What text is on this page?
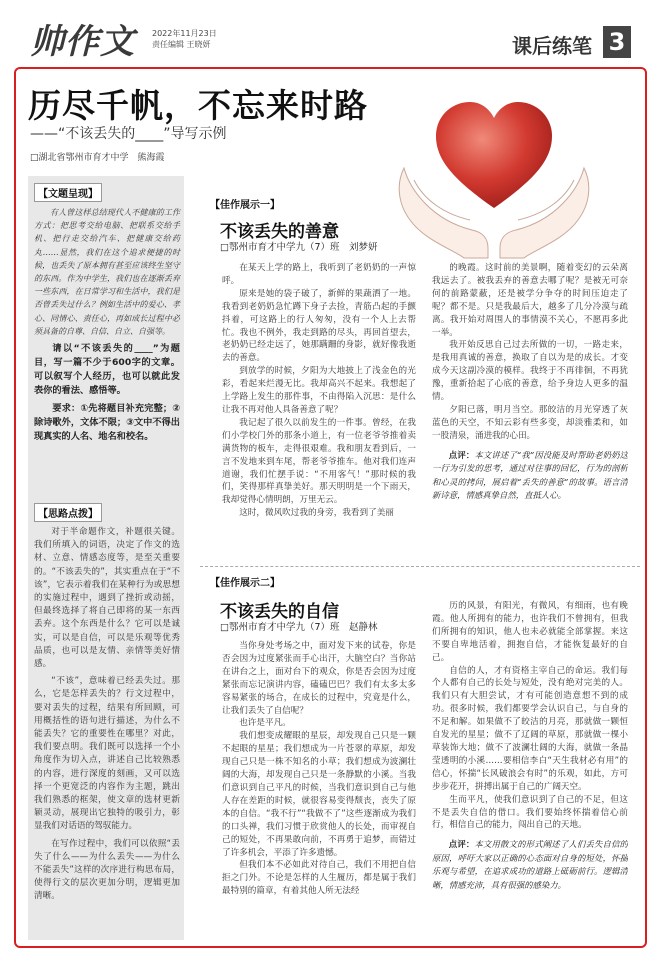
帅作文 2022年11月23日
责任编辑 王晓妍	课后练笔 3
历尽千帆，不忘来时路
——“不该丢失的____”导写示例
□湖北省鄂州市育才中学　熊海霞
【文题呈现】

有人曾这样总结现代人不健康的工作方式：把思考交给电脑、把联系交给手机、把行走交给汽车、把健康交给药丸……显然，我们在这个追求便捷的时候，也丢失了原本拥有甚至应该终生坚守的东西。作为中学生，我们也在逐渐丢弃一些东西，在日常学习和生活中，我们是否曾丢失过什么？例如生活中的爱心、孝心、同情心、责任心，再如成长过程中必须具备的自尊、自信、自立、自强等。

请以“不该丢失的____”为题目，写一篇不少于600字的文章。可以叙写个人经历，也可以就此发表你的看法、感悟等。

要求：①先将题目补充完整；②除诗歌外，文体不限；③文中不得出现真实的人名、地名和校名。

【思路点拨】

对于半命题作文，补题很关键。我们所填入的词语，决定了作文的选材、立意、情感态度等，是至关重要的。“不该丢失的”，其实重点在于“不该”，它表示着我们在某种行为或思想的实施过程中，遇到了挫折或动摇，但最终选择了将自己即将的某一东西丢弃。这个东西是什么？它可以是诚实，可以是自信，可以是乐观等优秀品质，也可以是友情、亲情等美好情感。

“不该”，意味着已经丢失过。那么，它是怎样丢失的？行文过程中，要对丢失的过程，结果有所回顾，可用概括性的语句进行描述，为什么不能丢失？它的重要性在哪里？对此，我们要点明。我们既可以选择一个小角度作为切入点，讲述自己比较熟悉的内容，进行深度的刻画，又可以选择一个更宽泛的内容作为主题，跳出我们熟悉的框架，使文章的选材更新颖灵动，展现出它独特的吸引力，彰显我们对话语的驾驭能力。

在写作过程中，我们可以依照“丢失了什么——为什么丢失——为什么不能丢失”这样的次序进行构思布局，使得行文的层次更加分明，逻辑更加清晰。

【佳作展示一】
不该丢失的善意
□鄂州市育才中学九（7）班　刘梦妍

在某天上学的路上，我听到了老奶奶的一声惊呼。

原来是她的袋子破了，新鲜的果蔬洒了一地。我看到老奶奶急忙蹲下身子去捡，青筋凸起的手颤抖着，可这路上的行人匆匆，没有一个人上去帮忙。我也不例外，我走到路的尽头，再回首望去，老奶奶已经走远了，她那蹒跚的身影，就好像我逝去的善意。

到放学的时候，夕阳为大地披上了浅金色的光彩，看起来烂漫无比。我却高兴不起来。我想起了上学路上发生的那件事，不由得陷入沉思：是什么让我不再对他人具备善意了呢？

我记起了很久以前发生的一件事。曾经，在我们小学校门外的那条小道上，有一位老爷爷推着卖满货物的板车，走得很艰难。我和朋友看到后，一言不发地来到车尾，帮老爷爷推车。他对我们连声道谢，我们忙摆手说：“不用客气！”那时候的我们，笑得那样真挚美好。那天明明是一个下雨天，我却觉得心情明朗，万里无云。

这时，微风吹过我的身旁，我看到了美丽

的晚霞。这时前的美景啊，随着变幻的云朵离我远去了。被我丢弃的善意去哪了呢？是被无可奈何的前路蒙蔽，还是被学分争夺的时间压迫走了呢？都不是。只是我最后大，越多了几分冷漠与疏离。我开始对周围人的事情漠不关心，不愿再多此一举。

我开始反思自己过去所做的一切，一路走来，是我用真诚的善意，换取了自以为是的成长。才变成今天这副冷漠的模样。我终于不再徘徊，不再犹豫，重新拾起了心底的善意，给予身边人更多的温情。

夕阳已落，明月当空。那皎洁的月光穿透了灰蓝色的天空，不知云彩有些多变，却淡雅柔和，如一股清泉，涌进我的心田。

点评：本文讲述了“我”因没能及时帮助老奶奶这一行为引发的思考，通过对往事的回忆，行为的剖析和心灵的拷问，展启着“丢失的善意”的故事。语言清新诗意，情感真挚自然，直抵人心。

【佳作展示二】
不该丢失的自信
□鄂州市育才中学九（7）班　赵静林

当你身处考场之中，面对发下来的试卷，你是否会因为过度紧张而手心出汗，大脑空白？当你站在讲台之上，面对台下的观众，你是否会因为过度紧张而忘记演讲内容，磕磕巴巴？我们有太多太多容易紧张的场合，在成长的过程中，究竟是什么，让我们丢失了自信呢？

也许是平凡。

我们想变成耀眼的星辰，却发现自己只是一颗不起眼的星星；我们想成为一片苍翠的草原，却发现自己只是一株不知名的小草；我们想成为波澜壮阔的大海，却发现自己只是一条静默的小溪。当我们意识到自己平凡的时候，当我们意识到自己与他人存在差距的时候，就很容易变得颓丧，丧失了原本的自信。“我不行”“我做不了”这些逐渐成为我们的口头禅，我们习惯于欣赏他人的长处，而审视自己的短处，不再果敢向前，不再勇于追梦，而错过了许多机会，平添了许多遗憾。

但我们本不必如此对待自己，我们不用把自信拒之门外。不论是怎样的人生履历，都是属于我们最特别的篇章，有着其他人所无法经

历的风景，有阳光，有微风，有细雨，也有晚霞。他人所拥有的能力，也许我们不曾拥有，但我们所拥有的知识，他人也未必就能全部掌握。来这不要自卑地活着，拥抱自信，才能恢复最好的自己。

自信的人，才有资格主宰自己的命运。我们每个人都有自己的长处与短处，没有绝对完美的人。我们只有大胆尝试，才有可能创造意想不到的成功。很多时候，我们都要学会认识自己，与自身的不足和解。如果做不了皎洁的月亮，那就做一颗恒自发光的星星；做不了辽阔的草原，那就做一棵小草装饰大地；做不了波澜壮阔的大海，就做一条晶莹透明的小溪……要相信李白“天生我材必有用”的信心，怀揣“长风破浪会有时”的乐观，如此，方可步步花开，拼搏出属于自己的广阔天空。

生而平凡，使我们意识到了自己的不足，但这不是丢失自信的借口。我们要始终怀揣着信心前行，相信自己的能力，闯出自己的天地。

点评：本文用散文的形式阐述了人们丢失自信的原因，呼吁大家以正确的心态面对自身的短处，怀揣乐观与希望，在追求成功的道路上砥砺前行。逻辑清晰，情感充沛，具有很强的感染力。
